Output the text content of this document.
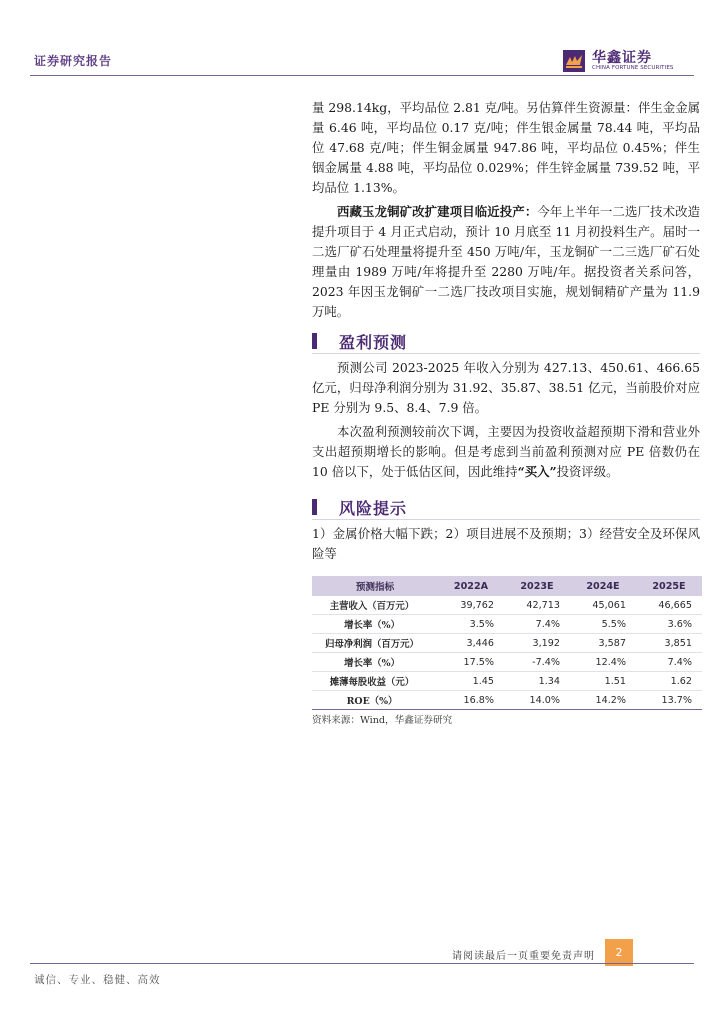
证券研究报告	华鑫证券
CHINA FORTUNE SECURITIES

量 298.14kg，平均品位 2.81 克/吨。另估算伴生资源量：伴生金金属量 6.46 吨，平均品位 0.17 克/吨；伴生银金属量 78.44 吨，平均品位 47.68 克/吨；伴生铜金属量 947.86 吨，平均品位 0.45%；伴生铟金属量 4.88 吨，平均品位 0.029%；伴生锌金属量 739.52 吨，平均品位 1.13%。

西藏玉龙铜矿改扩建项目临近投产：今年上半年一二选厂技术改造提升项目于 4 月正式启动，预计 10 月底至 11 月初投料生产。届时一二选厂矿石处理量将提升至 450 万吨/年，玉龙铜矿一二三选厂矿石处理量由 1989 万吨/年将提升至 2280 万吨/年。据投资者关系问答，2023 年因玉龙铜矿一二选厂技改项目实施，规划铜精矿产量为 11.9 万吨。

盈利预测

预测公司 2023-2025 年收入分别为 427.13、450.61、466.65 亿元，归母净利润分别为 31.92、35.87、38.51 亿元，当前股价对应 PE 分别为 9.5、8.4、7.9 倍。

本次盈利预测较前次下调，主要因为投资收益超预期下滑和营业外支出超预期增长的影响。但是考虑到当前盈利预测对应 PE 倍数仍在 10 倍以下，处于低估区间，因此维持“买入”投资评级。

风险提示

1）金属价格大幅下跌；2）项目进展不及预期；3）经营安全及环保风险等

预测指标	2022A	2023E	2024E	2025E
主营收入（百万元）	39,762	42,713	45,061	46,665
增长率（%）	3.5%	7.4%	5.5%	3.6%
归母净利润（百万元）	3,446	3,192	3,587	3,851
增长率（%）	17.5%	-7.4%	12.4%	7.4%
摊薄每股收益（元）	1.45	1.34	1.51	1.62
ROE（%）	16.8%	14.0%	14.2%	13.7%
资料来源：Wind，华鑫证券研究
请阅读最后一页重要免责声明	2
诚信、专业、稳健、高效
